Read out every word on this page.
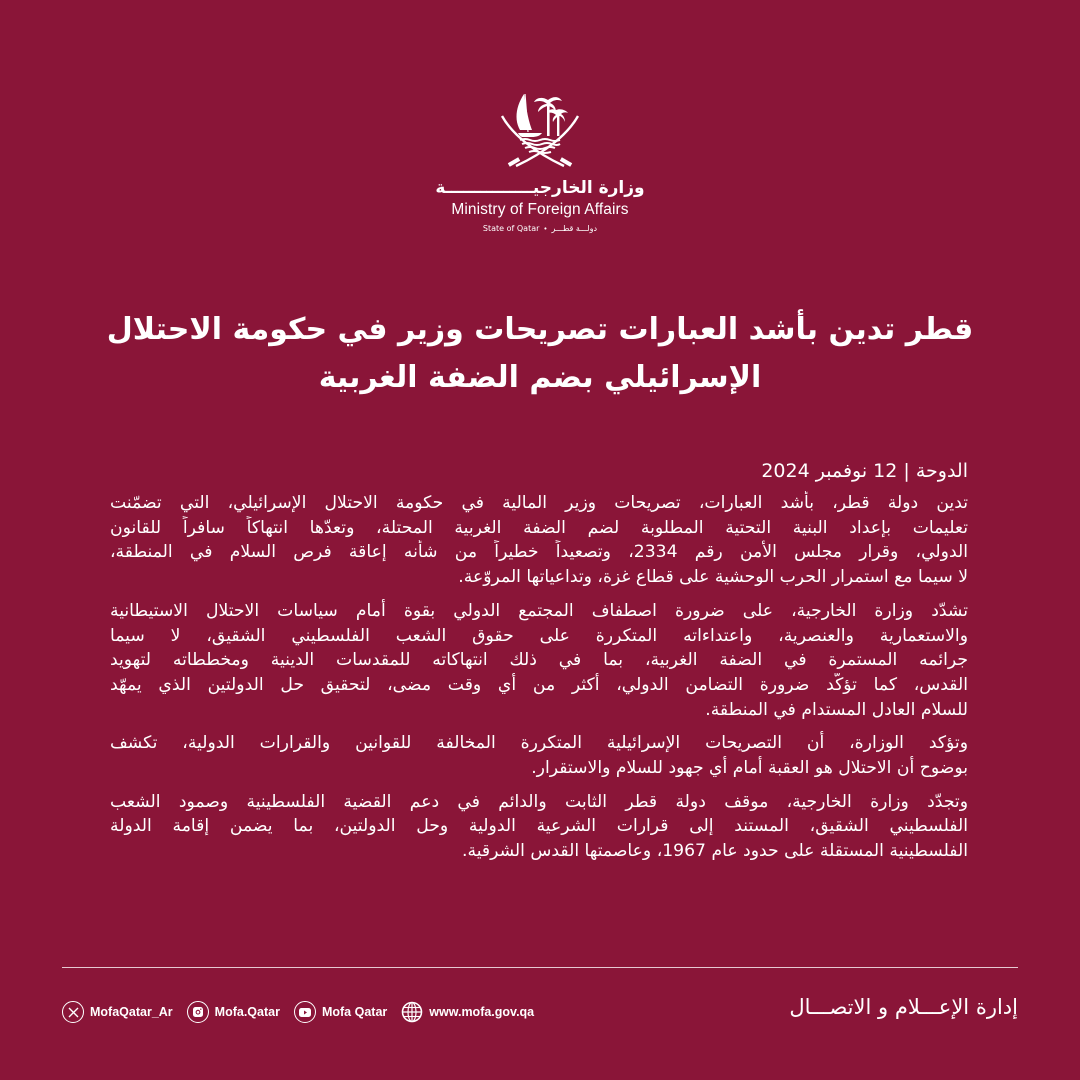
وزارة الخارجيـــــــــــــــة
Ministry of Foreign Affairs
State of Qatar • دولـــة قطـــر
قطر تدين بأشد العبارات تصريحات وزير في حكومة الاحتلال
الإسرائيلي بضم الضفة الغربية
الدوحة | 12 نوفمبر 2024
تدين دولة قطر، بأشد العبارات، تصريحات وزير المالية في حكومة الاحتلال الإسرائيلي، التي تضمّنت
تعليمات بإعداد البنية التحتية المطلوبة لضم الضفة الغربية المحتلة، وتعدّها انتهاكاً سافراً للقانون
الدولي، وقرار مجلس الأمن رقم 2334، وتصعيداً خطيراً من شأنه إعاقة فرص السلام في المنطقة،
لا سيما مع استمرار الحرب الوحشية على قطاع غزة، وتداعياتها المروّعة.
تشدّد وزارة الخارجية، على ضرورة اصطفاف المجتمع الدولي بقوة أمام سياسات الاحتلال الاستيطانية
والاستعمارية والعنصرية، واعتداءاته المتكررة على حقوق الشعب الفلسطيني الشقيق، لا سيما
جرائمه المستمرة في الضفة الغربية، بما في ذلك انتهاكاته للمقدسات الدينية ومخططاته لتهويد
القدس، كما تؤكّد ضرورة التضامن الدولي، أكثر من أي وقت مضى، لتحقيق حل الدولتين الذي يمهّد
للسلام العادل المستدام في المنطقة.
وتؤكد الوزارة، أن التصريحات الإسرائيلية المتكررة المخالفة للقوانين والقرارات الدولية، تكشف
بوضوح أن الاحتلال هو العقبة أمام أي جهود للسلام والاستقرار.
وتجدّد وزارة الخارجية، موقف دولة قطر الثابت والدائم في دعم القضية الفلسطينية وصمود الشعب
الفلسطيني الشقيق، المستند إلى قرارات الشرعية الدولية وحل الدولتين، بما يضمن إقامة الدولة
الفلسطينية المستقلة على حدود عام 1967، وعاصمتها القدس الشرقية.
MofaQatar_Ar	Mofa.Qatar	Mofa Qatar	www.mofa.gov.qa	إدارة الإعـــلام و الاتصـــال
